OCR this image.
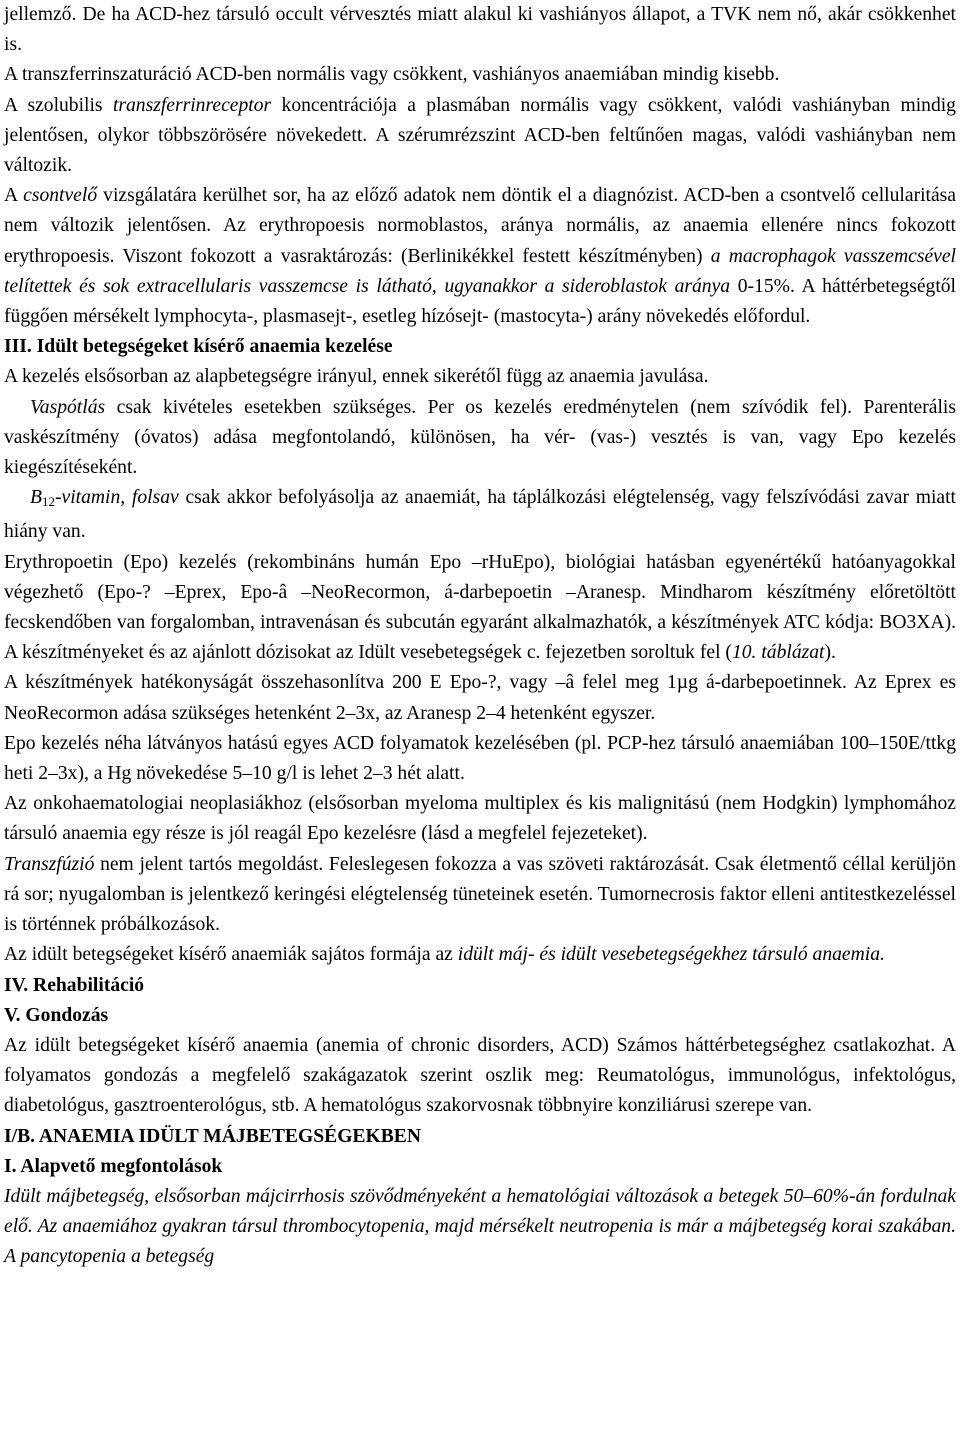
jellemző. De ha ACD-hez társuló occult vérvesztés miatt alakul ki vashiányos állapot, a TVK nem nő, akár csökkenhet is.

A transzferrinszaturáció ACD-ben normális vagy csökkent, vashiányos anaemiában mindig kisebb.

A szolubilis transzferrinreceptor koncentrációja a plasmában normális vagy csökkent, valódi vashiányban mindig jelentősen, olykor többszörösére növekedett. A szérumrézszint ACD-ben feltűnően magas, valódi vashiányban nem változik.

A csontvelő vizsgálatára kerülhet sor, ha az előző adatok nem döntik el a diagnózist. ACD-ben a csontvelő cellularitása nem változik jelentősen. Az erythropoesis normoblastos, aránya normális, az anaemia ellenére nincs fokozott erythropoesis. Viszont fokozott a vasraktározás: (Berlinikékkel festett készítményben) a macrophagok vasszemcsével telítettek és sok extracellularis vasszemcse is látható, ugyanakkor a sideroblastok aránya 0-15%. A háttérbetegségtől függően mérsékelt lymphocyta-, plasmasejt-, esetleg hízósejt- (mastocyta-) arány növekedés előfordul.

III. Idült betegségeket kísérő anaemia kezelése

A kezelés elsősorban az alapbetegségre irányul, ennek sikerétől függ az anaemia javulása.

Vaspótlás csak kivételes esetekben szükséges. Per os kezelés eredménytelen (nem szívódik fel). Parenterális vaskészítmény (óvatos) adása megfontolandó, különösen, ha vér- (vas-) vesztés is van, vagy Epo kezelés kiegészítéseként.

$B_{12}$-vitamin, folsav csak akkor befolyásolja az anaemiát, ha táplálkozási elégtelenség, vagy felszívódási zavar miatt hiány van.

Erythropoetin (Epo) kezelés (rekombináns humán Epo –rHuEpo), biológiai hatásban egyenértékű hatóanyagokkal végezhető (Epo-? –Eprex, Epo-â –NeoRecormon, á-darbepoetin –Aranesp. Mindharom készítmény előretöltött fecskendőben van forgalomban, intravenásan és subcután egyaránt alkalmazhatók, a készítmények ATC kódja: BO3XA). A készítményeket és az ajánlott dózisokat az Idült vesebetegségek c. fejezetben soroltuk fel (10. táblázat).

A készítmények hatékonyságát összehasonlítva 200 E Epo-?, vagy –â felel meg 1µg á-darbepoetinnek. Az Eprex es NeoRecormon adása szükséges hetenként 2–3x, az Aranesp 2–4 hetenként egyszer.

Epo kezelés néha látványos hatású egyes ACD folyamatok kezelésében (pl. PCP-hez társuló anaemiában 100–150E/ttkg heti 2–3x), a Hg növekedése 5–10 g/l is lehet 2–3 hét alatt.

Az onkohaematologiai neoplasiákhoz (elsősorban myeloma multiplex és kis malignitású (nem Hodgkin) lymphomához társuló anaemia egy része is jól reagál Epo kezelésre (lásd a megfelel fejezeteket).

Transzfúzió nem jelent tartós megoldást. Feleslegesen fokozza a vas szöveti raktározását. Csak életmentő céllal kerüljön rá sor; nyugalomban is jelentkező keringési elégtelenség tüneteinek esetén. Tumornecrosis faktor elleni antitestkezeléssel is történnek próbálkozások.

Az idült betegségeket kísérő anaemiák sajátos formája az idült máj- és idült vesebetegségekhez társuló anaemia.

IV. Rehabilitáció
V. Gondozás

Az idült betegségeket kísérő anaemia (anemia of chronic disorders, ACD) Számos háttérbetegséghez csatlakozhat. A folyamatos gondozás a megfelelő szakágazatok szerint oszlik meg: Reumatológus, immunológus, infektológus, diabetológus, gasztroenterológus, stb. A hematológus szakorvosnak többnyire konziliárusi szerepe van.

I/B. ANAEMIA IDÜLT MÁJBETEGSÉGEKBEN
I. Alapvető megfontolások

Idült májbetegség, elsősorban májcirrhosis szövődményeként a hematológiai változások a betegek 50–60%-án fordulnak elő. Az anaemiához gyakran társul thrombocytopenia, majd mérsékelt neutropenia is már a májbetegség korai szakában. A pancytopenia a betegség
